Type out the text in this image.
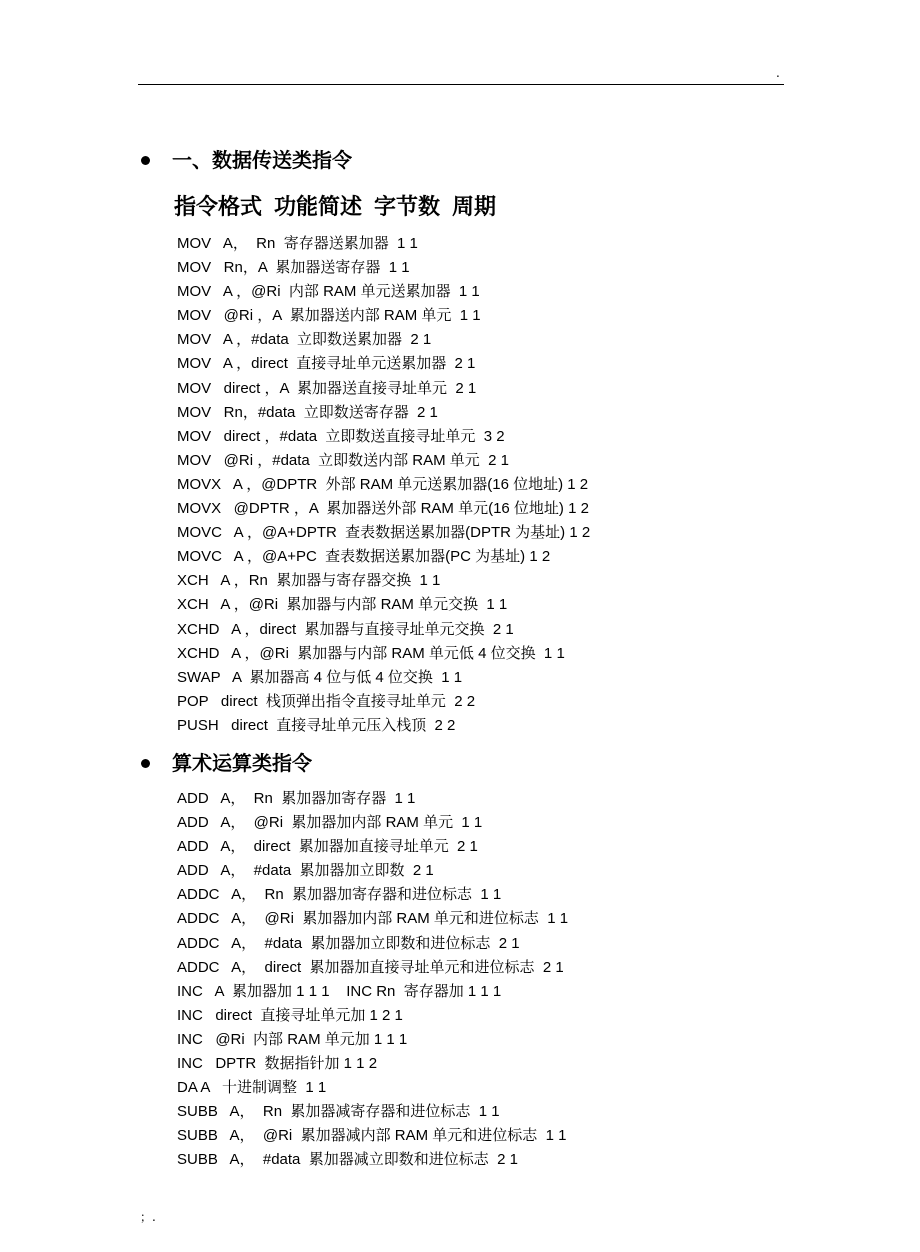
.
一、数据传送类指令
指令格式 功能简述 字节数 周期
MOV   A，  Rn  寄存器送累加器  1 1
MOV   Rn，A  累加器送寄存器  1 1
MOV   A ，@Ri  内部 RAM 单元送累加器  1 1
MOV   @Ri ，A  累加器送内部 RAM 单元  1 1
MOV   A ，#data  立即数送累加器  2 1
MOV   A ，direct  直接寻址单元送累加器  2 1
MOV   direct ，A  累加器送直接寻址单元  2 1
MOV   Rn，#data  立即数送寄存器  2 1
MOV   direct ，#data  立即数送直接寻址单元  3 2
MOV   @Ri ，#data  立即数送内部 RAM 单元  2 1
MOVX   A ，@DPTR  外部 RAM 单元送累加器(16 位地址) 1 2
MOVX   @DPTR ，A  累加器送外部 RAM 单元(16 位地址) 1 2
MOVC   A ，@A+DPTR  查表数据送累加器(DPTR 为基址) 1 2
MOVC   A ，@A+PC  查表数据送累加器(PC 为基址) 1 2
XCH   A ，Rn  累加器与寄存器交换  1 1
XCH   A ，@Ri  累加器与内部 RAM 单元交换  1 1
XCHD   A ，direct  累加器与直接寻址单元交换  2 1
XCHD   A ，@Ri  累加器与内部 RAM 单元低 4 位交换  1 1
SWAP   A  累加器高 4 位与低 4 位交换  1 1
POP   direct  栈顶弹出指令直接寻址单元  2 2
PUSH   direct  直接寻址单元压入栈顶  2 2
算术运算类指令
ADD   A，  Rn  累加器加寄存器  1 1
ADD   A，  @Ri  累加器加内部 RAM 单元  1 1
ADD   A，  direct  累加器加直接寻址单元  2 1
ADD   A，  #data  累加器加立即数  2 1
ADDC   A，  Rn  累加器加寄存器和进位标志  1 1
ADDC   A，  @Ri  累加器加内部 RAM 单元和进位标志  1 1
ADDC   A，  #data  累加器加立即数和进位标志  2 1
ADDC   A，  direct  累加器加直接寻址单元和进位标志  2 1
INC   A  累加器加 1 1 1    INC Rn  寄存器加 1 1 1
INC   direct  直接寻址单元加 1 2 1
INC   @Ri  内部 RAM 单元加 1 1 1
INC   DPTR  数据指针加 1 1 2
DA A   十进制调整  1 1
SUBB   A，  Rn  累加器减寄存器和进位标志  1 1
SUBB   A，  @Ri  累加器减内部 RAM 单元和进位标志  1 1
SUBB   A，  #data  累加器减立即数和进位标志  2 1
；.
